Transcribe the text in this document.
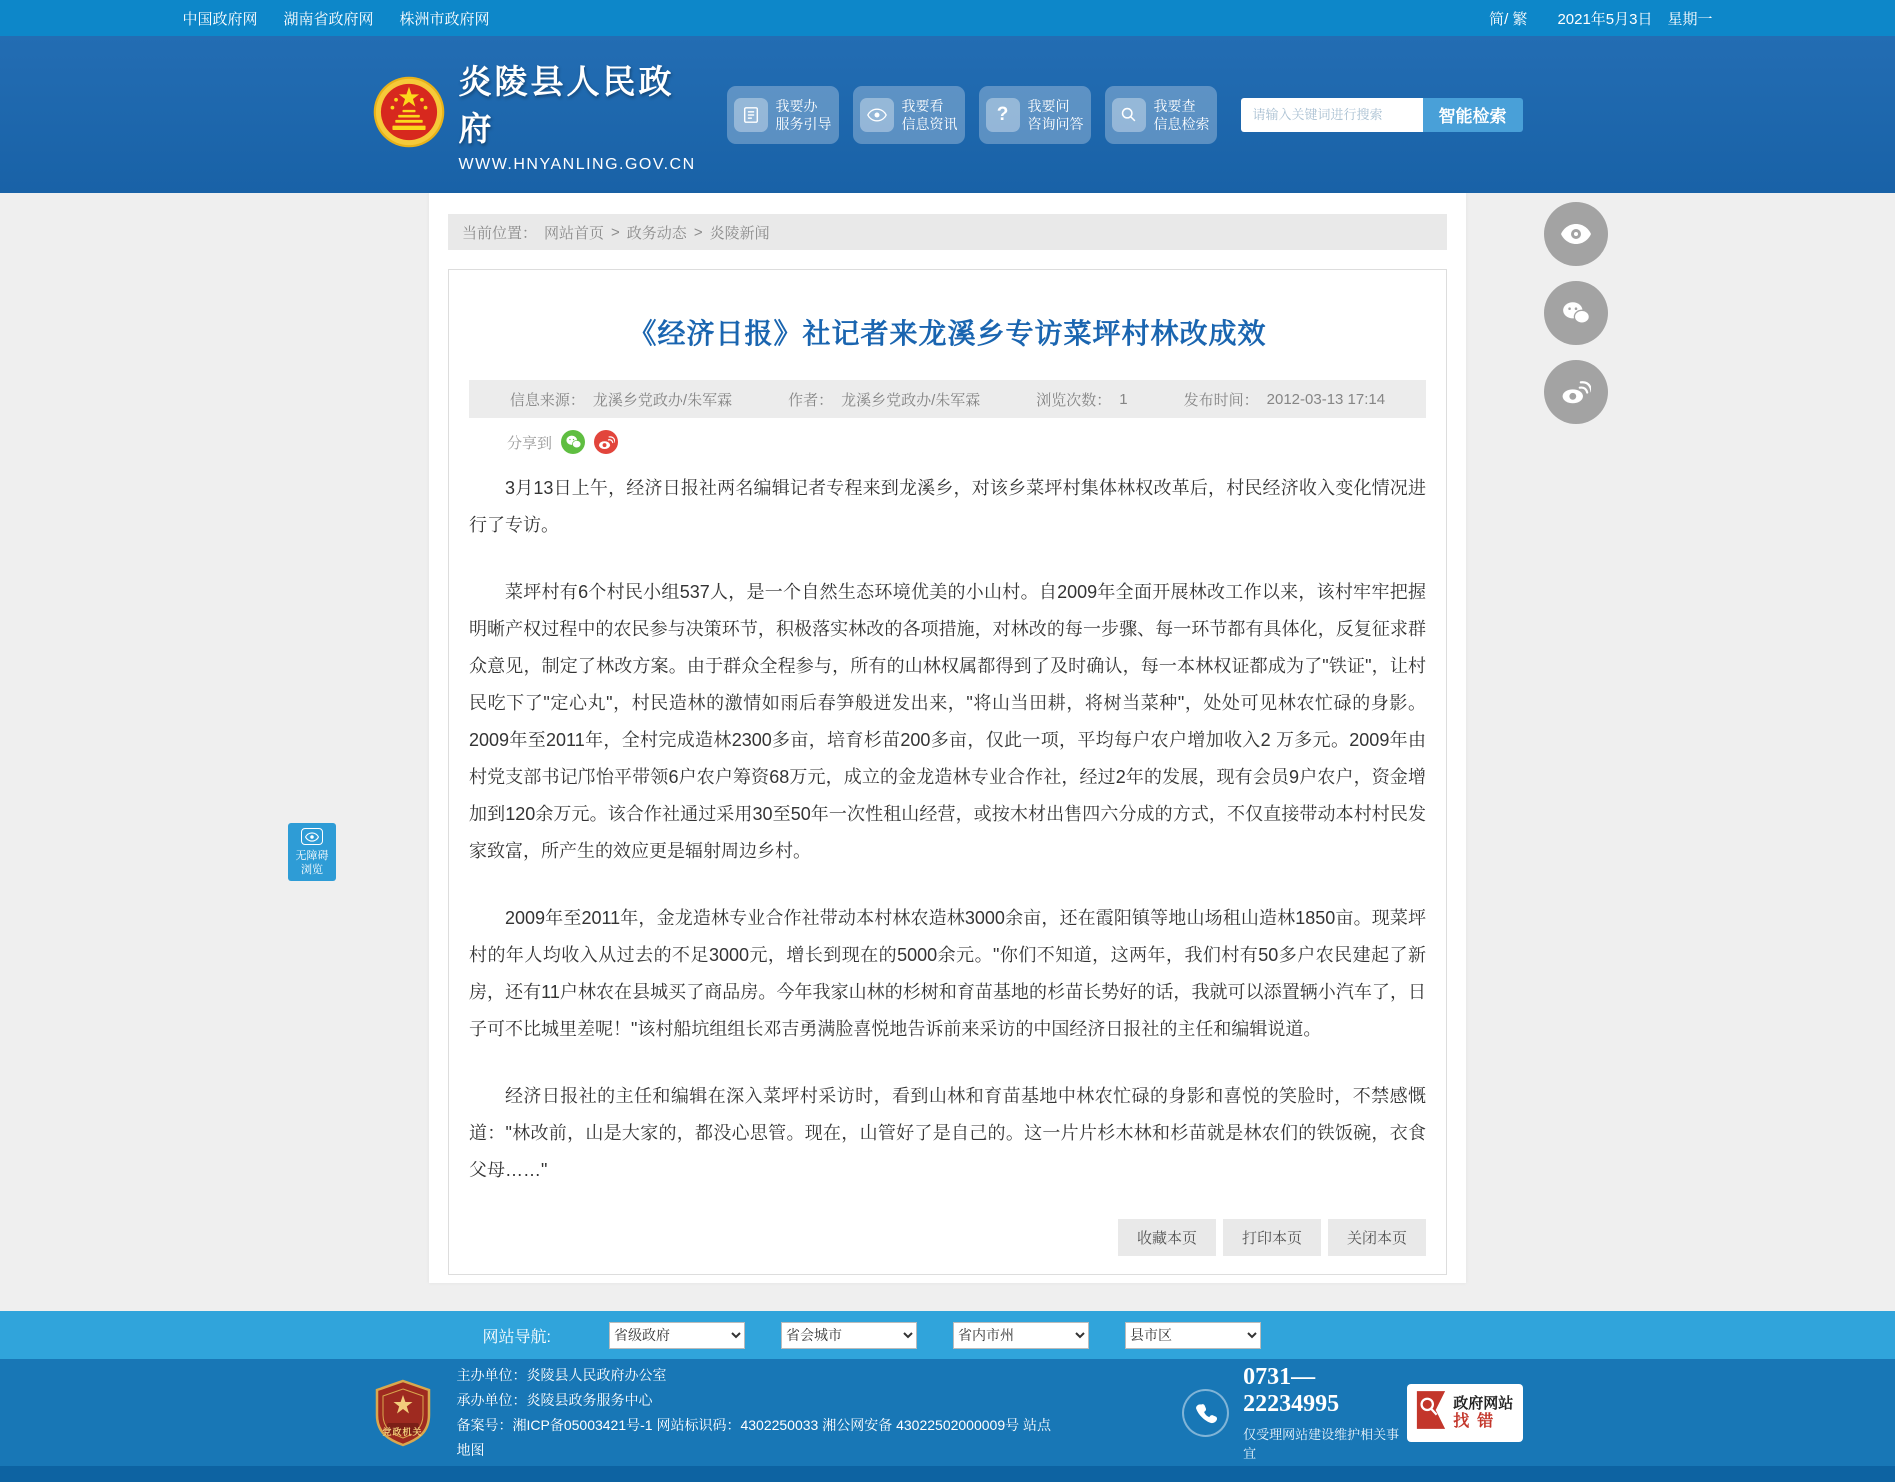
中国政府网 湖南省政府网 株洲市政府网	简/ 繁 2021年5月3日　星期一
炎陵县人民政府
WWW.HNYANLING.GOV.CN
我要办
服务引导
我要看
信息资讯	?	我要问
咨询问答
我要查
信息检索
请输入关键词进行搜索	智能检索
当前位置： 网站首页 > 政务动态 > 炎陵新闻
《经济日报》社记者来龙溪乡专访菜坪村林改成效
信息来源： 龙溪乡党政办/朱军霖	作者： 龙溪乡党政办/朱军霖	浏览次数： 1	发布时间： 2012-03-13 17:14
分享到

3月13日上午，经济日报社两名编辑记者专程来到龙溪乡，对该乡菜坪村集体林权改革后，村民经济收入变化情况进行了专访。

菜坪村有6个村民小组537人，是一个自然生态环境优美的小山村。自2009年全面开展林改工作以来，该村牢牢把握明晰产权过程中的农民参与决策环节，积极落实林改的各项措施，对林改的每一步骤、每一环节都有具体化，反复征求群众意见，制定了林改方案。由于群众全程参与，所有的山林权属都得到了及时确认，每一本林权证都成为了"铁证"，让村民吃下了"定心丸"，村民造林的激情如雨后春笋般迸发出来，"将山当田耕，将树当菜种"，处处可见林农忙碌的身影。2009年至2011年，全村完成造林2300多亩，培育杉苗200多亩，仅此一项，平均每户农户增加收入2 万多元。2009年由村党支部书记邝怡平带领6户农户筹资68万元，成立的金龙造林专业合作社，经过2年的发展，现有会员9户农户，资金增加到120余万元。该合作社通过采用30至50年一次性租山经营，或按木材出售四六分成的方式，不仅直接带动本村村民发家致富，所产生的效应更是辐射周边乡村。

2009年至2011年，金龙造林专业合作社带动本村林农造林3000余亩，还在霞阳镇等地山场租山造林1850亩。现菜坪村的年人均收入从过去的不足3000元，增长到现在的5000余元。"你们不知道，这两年，我们村有50多户农民建起了新房，还有11户林农在县城买了商品房。今年我家山林的杉树和育苗基地的杉苗长势好的话，我就可以添置辆小汽车了，日子可不比城里差呢！"该村船坑组组长邓吉勇满脸喜悦地告诉前来采访的中国经济日报社的主任和编辑说道。

经济日报社的主任和编辑在深入菜坪村采访时，看到山林和育苗基地中林农忙碌的身影和喜悦的笑脸时，不禁感慨道："林改前，山是大家的，都没心思管。现在，山管好了是自己的。这一片片杉木林和杉苗就是林农们的铁饭碗，衣食父母……"

收藏本页	打印本页	关闭本页
网站导航:
省级政府
省会城市
省内市州
县市区
党政机关
主办单位：炎陵县人民政府办公室
承办单位：炎陵县政务服务中心
备案号：湘ICP备05003421号-1 网站标识码：4302250033 湘公网安备 43022502000009号 站点地图
0731—22234995
仅受理网站建设维护相关事宜
政府网站
找错
无障碍
浏览
